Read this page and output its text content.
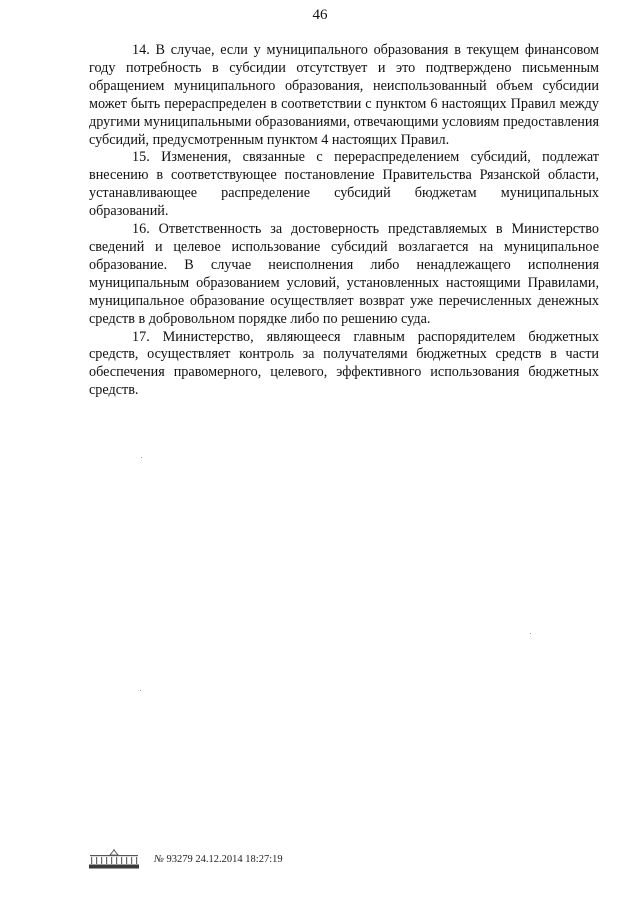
46

14. В случае, если у муниципального образования в текущем финансовом году потребность в субсидии отсутствует и это подтверждено письменным обращением муниципального образования, неиспользованный объем субсидии может быть перераспределен в соответствии с пунктом 6 настоящих Правил между другими муниципальными образованиями, отвечающими условиям предоставления субсидий, предусмотренным пунктом 4 настоящих Правил.

15. Изменения, связанные с перераспределением субсидий, подлежат внесению в соответствующее постановление Правительства Рязанской области, устанавливающее распределение субсидий бюджетам муниципальных образований.

16. Ответственность за достоверность представляемых в Министерство сведений и целевое использование субсидий возлагается на муниципальное образование. В случае неисполнения либо ненадлежащего исполнения муниципальным образованием условий, установленных настоящими Правилами, муниципальное образование осуществляет возврат уже перечисленных денежных средств в добровольном порядке либо по решению суда.

17. Министерство, являющееся главным распорядителем бюджетных средств, осуществляет контроль за получателями бюджетных средств в части обеспечения правомерного, целевого, эффективного использования бюджетных средств.

№ 93279 24.12.2014 18:27:19
